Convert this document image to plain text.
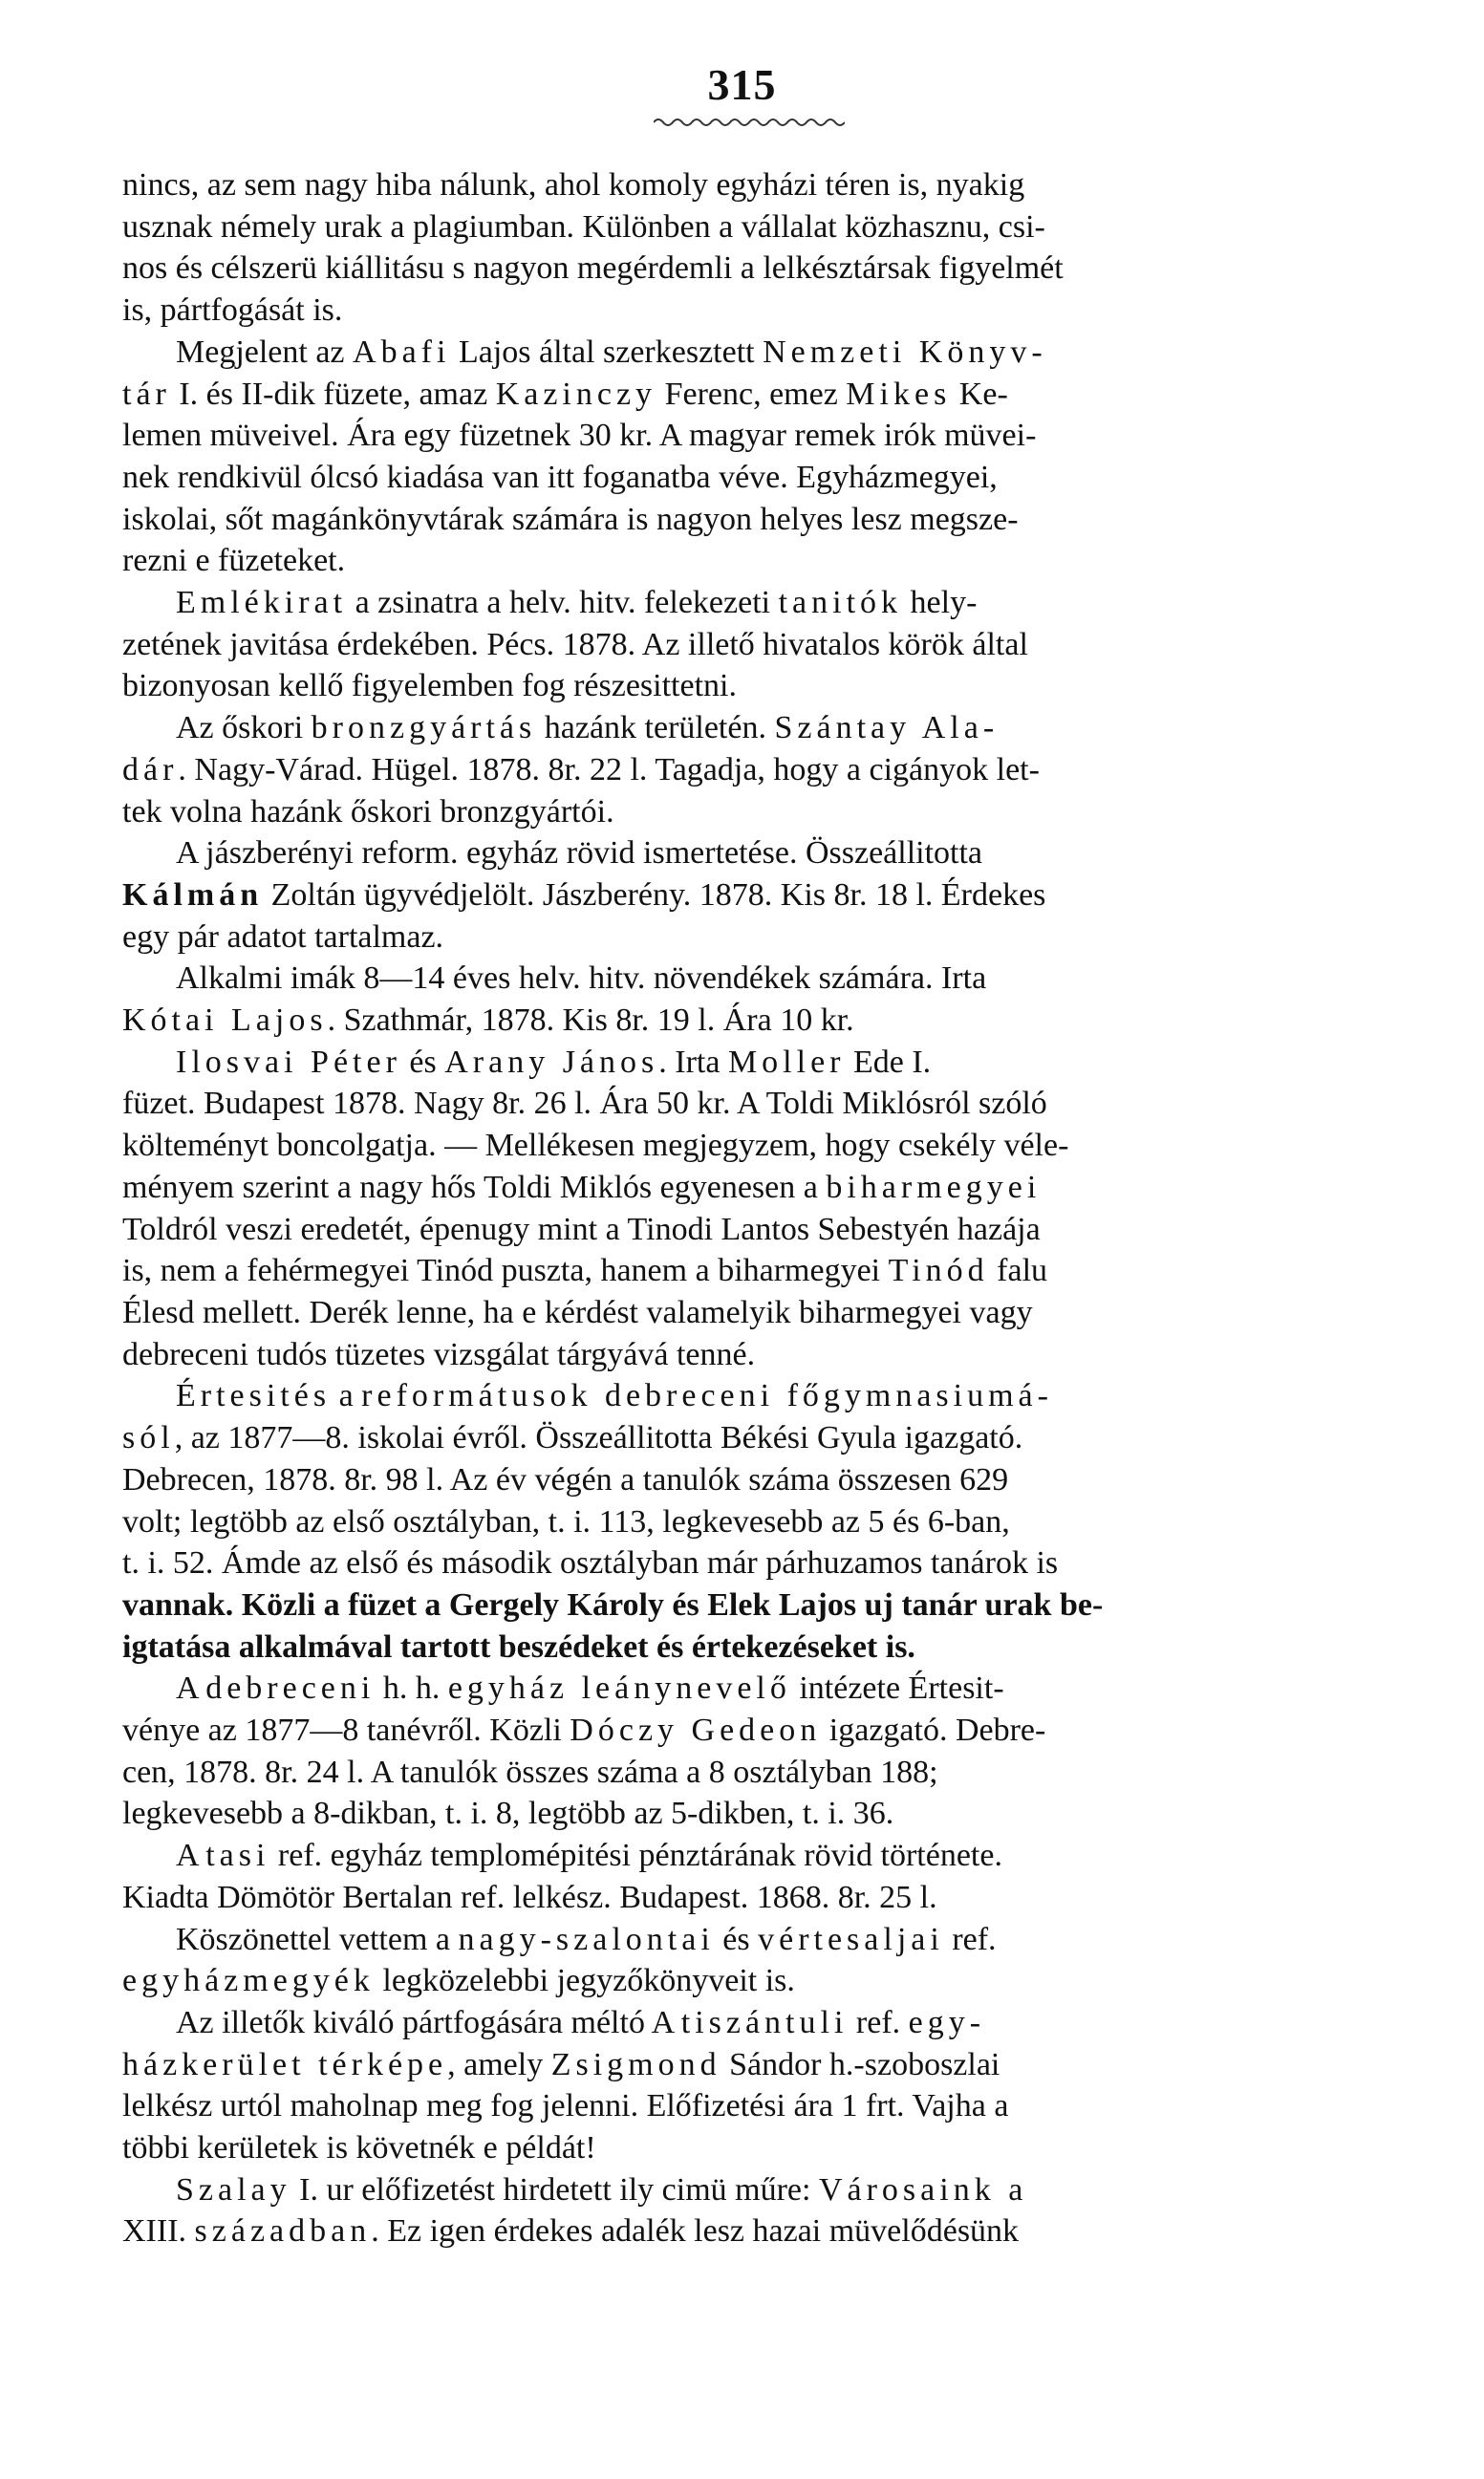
315
nincs, az sem nagy hiba nálunk, ahol komoly egyházi téren is, nyakig
usznak némely urak a plagiumban. Különben a vállalat közhasznu, csi-
nos és célszerü kiállitásu s nagyon megérdemli a lelkésztársak figyelmét
is, pártfogását is.
Megjelent az Abafi Lajos által szerkesztett Nemzeti Könyv-
tár I. és II-dik füzete, amaz Kazinczy Ferenc, emez Mikes Ke-
lemen müveivel. Ára egy füzetnek 30 kr. A magyar remek irók müvei-
nek rendkivül ólcsó kiadása van itt foganatba véve. Egyházmegyei,
iskolai, sőt magánkönyvtárak számára is nagyon helyes lesz megsze-
rezni e füzeteket.
Emlékirat a zsinatra a helv. hitv. felekezeti tanitók hely-
zetének javitása érdekében. Pécs. 1878. Az illető hivatalos körök által
bizonyosan kellő figyelemben fog részesittetni.
Az őskori bronzgyártás hazánk területén. Szántay Ala-
dár. Nagy-Várad. Hügel. 1878. 8r. 22 l. Tagadja, hogy a cigányok let-
tek volna hazánk őskori bronzgyártói.
A jászberényi reform. egyház rövid ismertetése. Összeállitotta
Kálmán Zoltán ügyvédjelölt. Jászberény. 1878. Kis 8r. 18 l. Érdekes
egy pár adatot tartalmaz.
Alkalmi imák 8—14 éves helv. hitv. növendékek számára. Irta
Kótai Lajos. Szathmár, 1878. Kis 8r. 19 l. Ára 10 kr.
Ilosvai Péter és Arany János. Irta Moller Ede I.
füzet. Budapest 1878. Nagy 8r. 26 l. Ára 50 kr. A Toldi Miklósról szóló
költeményt boncolgatja. — Mellékesen megjegyzem, hogy csekély véle-
ményem szerint a nagy hős Toldi Miklós egyenesen a biharmegyei
Toldról veszi eredetét, épenugy mint a Tinodi Lantos Sebestyén hazája
is, nem a fehérmegyei Tinód puszta, hanem a biharmegyei Tinód falu
Élesd mellett. Derék lenne, ha e kérdést valamelyik biharmegyei vagy
debreceni tudós tüzetes vizsgálat tárgyává tenné.
Értesités a reformátusok debreceni főgymnasiumá-
sól, az 1877—8. iskolai évről. Összeállitotta Békési Gyula igazgató.
Debrecen, 1878. 8r. 98 l. Az év végén a tanulók száma összesen 629
volt; legtöbb az első osztályban, t. i. 113, legkevesebb az 5 és 6-ban,
t. i. 52. Ámde az első és második osztályban már párhuzamos tanárok is
vannak. Közli a füzet a Gergely Károly és Elek Lajos uj tanár urak be-
igtatása alkalmával tartott beszédeket és értekezéseket is.
A debreceni h. h. egyház leánynevelő intézete Értesit-
vénye az 1877—8 tanévről. Közli Dóczy Gedeon igazgató. Debre-
cen, 1878. 8r. 24 l. A tanulók összes száma a 8 osztályban 188;
legkevesebb a 8-dikban, t. i. 8, legtöbb az 5-dikben, t. i. 36.
A tasi ref. egyház templomépitési pénztárának rövid története.
Kiadta Dömötör Bertalan ref. lelkész. Budapest. 1868. 8r. 25 l.
Köszönettel vettem a nagy-szalontai és vértesaljai ref.
egyházmegyék legközelebbi jegyzőkönyveit is.
Az illetők kiváló pártfogására méltó A tiszántuli ref. egy-
házkerület térképe, amely Zsigmond Sándor h.-szoboszlai
lelkész urtól maholnap meg fog jelenni. Előfizetési ára 1 frt. Vajha a
többi kerületek is követnék e példát!
Szalay I. ur előfizetést hirdetett ily cimü műre: Városaink a
XIII. században. Ez igen érdekes adalék lesz hazai müvelődésünk
